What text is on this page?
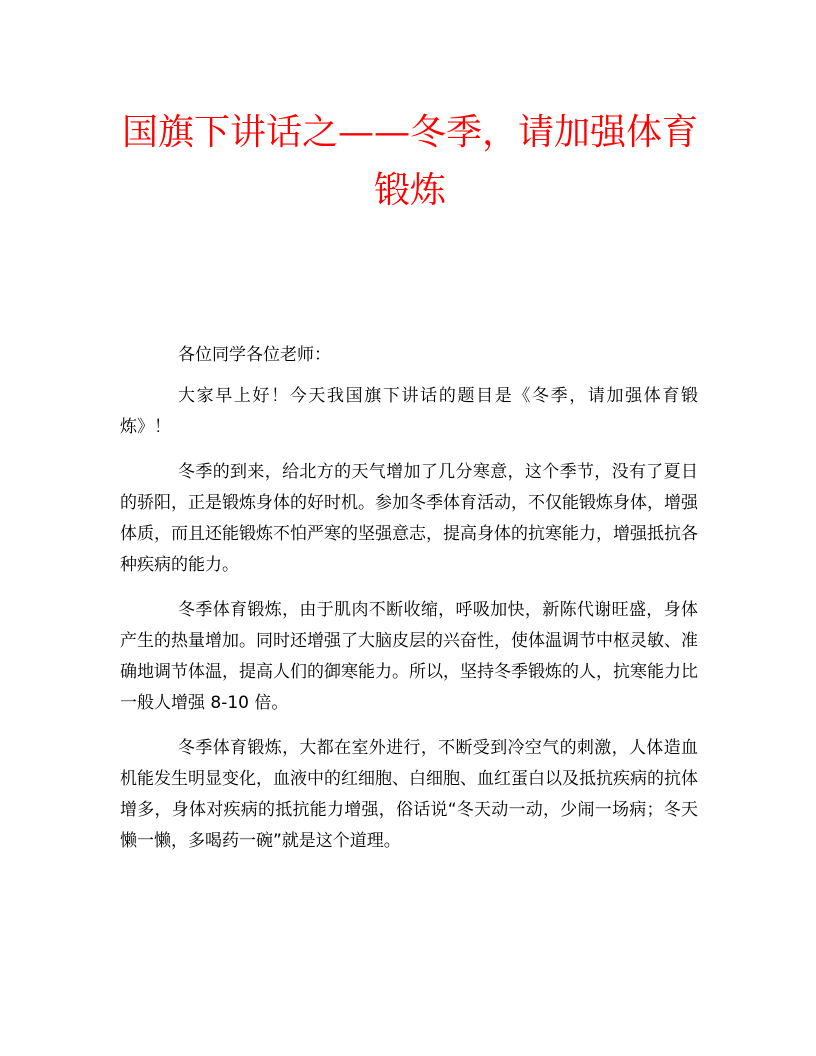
国旗下讲话之——冬季，请加强体育锻炼

各位同学各位老师：

大家早上好！今天我国旗下讲话的题目是《冬季，请加强体育锻炼》！

冬季的到来，给北方的天气增加了几分寒意，这个季节，没有了夏日的骄阳，正是锻炼身体的好时机。参加冬季体育活动，不仅能锻炼身体，增强体质，而且还能锻炼不怕严寒的坚强意志，提高身体的抗寒能力，增强抵抗各种疾病的能力。

冬季体育锻炼，由于肌肉不断收缩，呼吸加快，新陈代谢旺盛，身体产生的热量增加。同时还增强了大脑皮层的兴奋性，使体温调节中枢灵敏、准确地调节体温，提高人们的御寒能力。所以，坚持冬季锻炼的人，抗寒能力比一般人增强 8-10 倍。

冬季体育锻炼，大都在室外进行，不断受到冷空气的刺激，人体造血机能发生明显变化，血液中的红细胞、白细胞、血红蛋白以及抵抗疾病的抗体增多，身体对疾病的抵抗能力增强，俗话说“冬天动一动，少闹一场病；冬天懒一懒，多喝药一碗”就是这个道理。
